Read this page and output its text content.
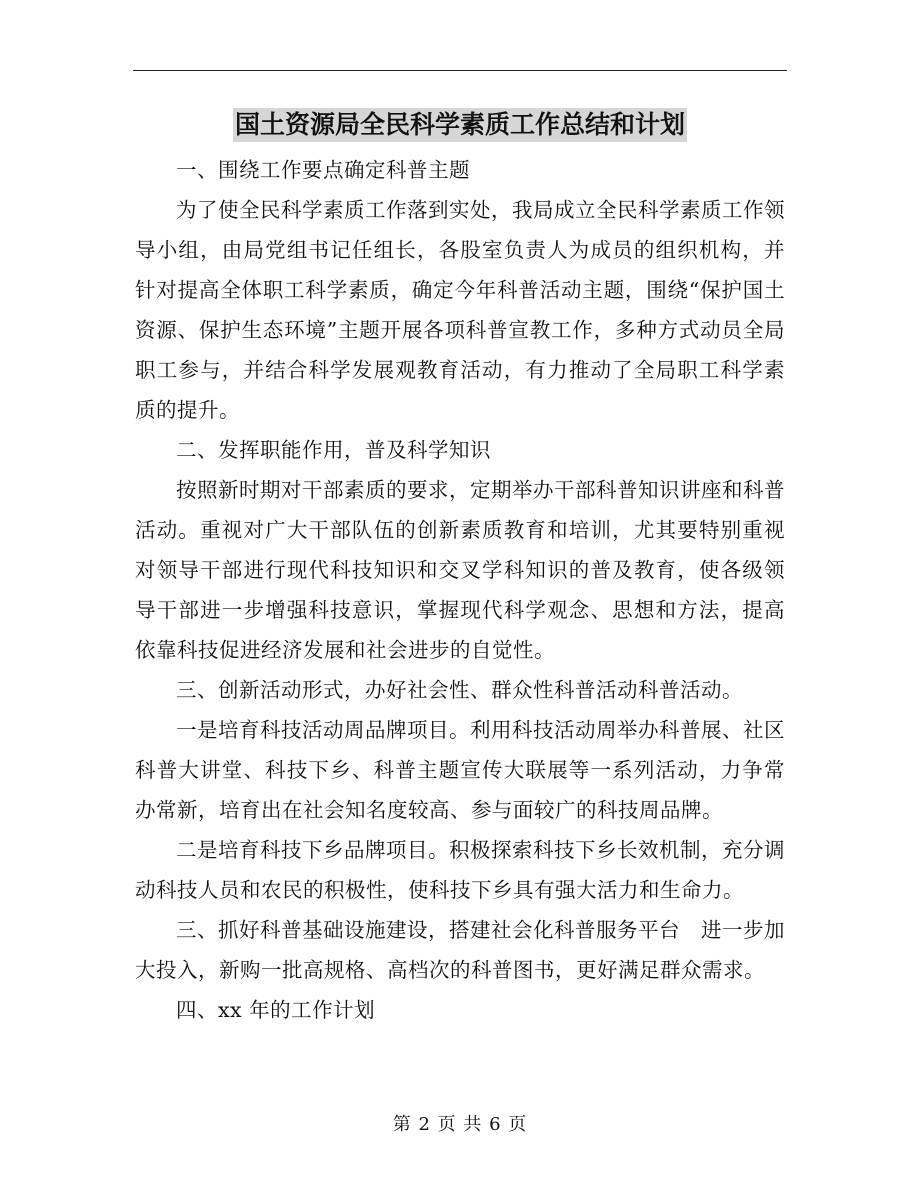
国土资源局全民科学素质工作总结和计划

一、围绕工作要点确定科普主题

为了使全民科学素质工作落到实处，我局成立全民科学素质工作领导小组，由局党组书记任组长，各股室负责人为成员的组织机构，并针对提高全体职工科学素质，确定今年科普活动主题，围绕“保护国土资源、保护生态环境”主题开展各项科普宣教工作，多种方式动员全局职工参与，并结合科学发展观教育活动，有力推动了全局职工科学素质的提升。

二、发挥职能作用，普及科学知识

按照新时期对干部素质的要求，定期举办干部科普知识讲座和科普活动。重视对广大干部队伍的创新素质教育和培训，尤其要特别重视对领导干部进行现代科技知识和交叉学科知识的普及教育，使各级领导干部进一步增强科技意识，掌握现代科学观念、思想和方法，提高依靠科技促进经济发展和社会进步的自觉性。

三、创新活动形式，办好社会性、群众性科普活动科普活动。

一是培育科技活动周品牌项目。利用科技活动周举办科普展、社区科普大讲堂、科技下乡、科普主题宣传大联展等一系列活动，力争常办常新，培育出在社会知名度较高、参与面较广的科技周品牌。

二是培育科技下乡品牌项目。积极探索科技下乡长效机制，充分调动科技人员和农民的积极性，使科技下乡具有强大活力和生命力。

三、抓好科普基础设施建设，搭建社会化科普服务平台　进一步加大投入，新购一批高规格、高档次的科普图书，更好满足群众需求。

四、xx 年的工作计划

第 2 页 共 6 页
